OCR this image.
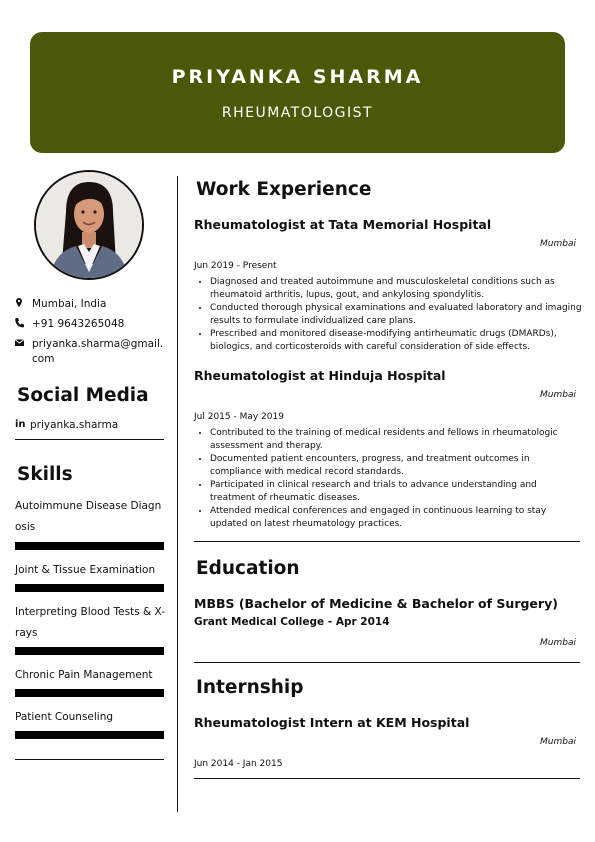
PRIYANKA SHARMA
RHEUMATOLOGIST
Mumbai, India
+91 9643265048
priyanka.sharma@gmail.com
Social Media
in priyanka.sharma
Skills
Autoimmune Disease Diagnosis
Joint & Tissue Examination
Interpreting Blood Tests & X-rays
Chronic Pain Management
Patient Counseling
Work Experience
Rheumatologist at Tata Memorial Hospital
Mumbai
Jun 2019 - Present
• Diagnosed and treated autoimmune and musculoskeletal conditions such as rheumatoid arthritis, lupus, gout, and ankylosing spondylitis.
• Conducted thorough physical examinations and evaluated laboratory and imaging results to formulate individualized care plans.
• Prescribed and monitored disease-modifying antirheumatic drugs (DMARDs), biologics, and corticosteroids with careful consideration of side effects.
Rheumatologist at Hinduja Hospital
Mumbai
Jul 2015 - May 2019
• Contributed to the training of medical residents and fellows in rheumatologic assessment and therapy.
• Documented patient encounters, progress, and treatment outcomes in compliance with medical record standards.
• Participated in clinical research and trials to advance understanding and treatment of rheumatic diseases.
• Attended medical conferences and engaged in continuous learning to stay updated on latest rheumatology practices.
Education
MBBS (Bachelor of Medicine & Bachelor of Surgery)
Grant Medical College - Apr 2014
Mumbai
Internship
Rheumatologist Intern at KEM Hospital
Mumbai
Jun 2014 - Jan 2015
